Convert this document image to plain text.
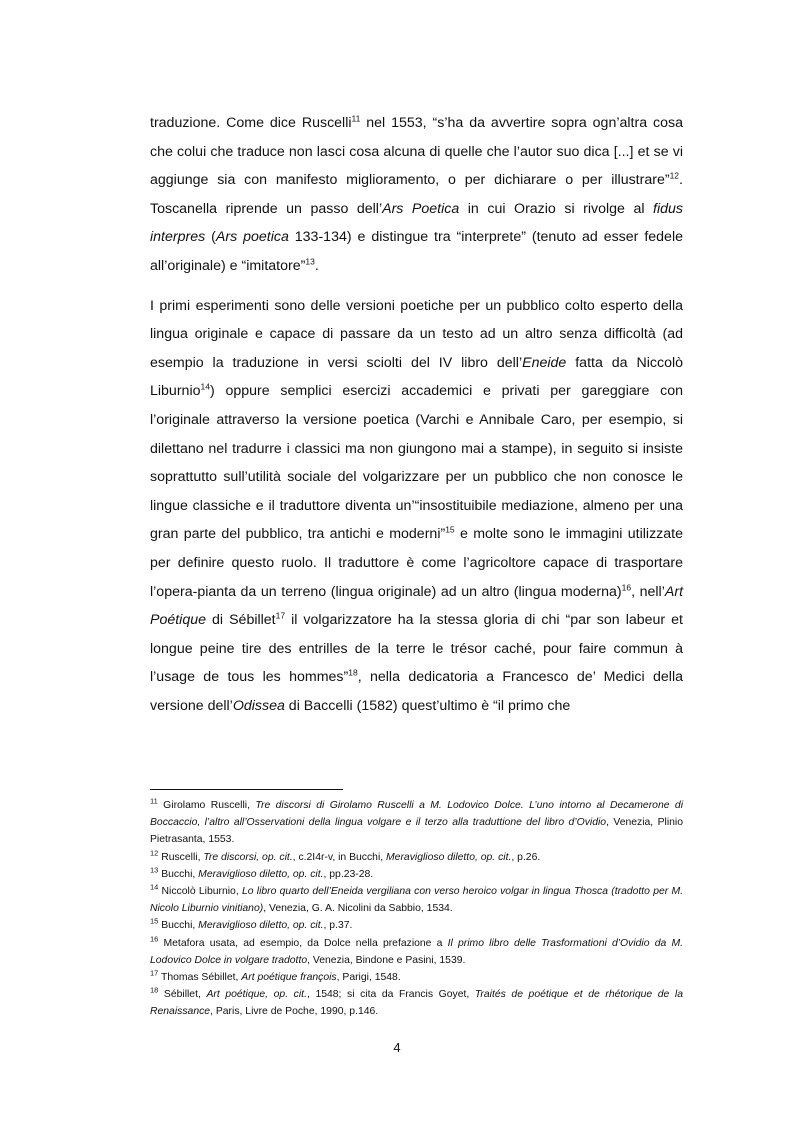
traduzione. Come dice Ruscelli$^{11}$ nel 1553, “s’ha da avvertire sopra ogn’altra cosa che colui che traduce non lasci cosa alcuna di quelle che l’autor suo dica [...] et se vi aggiunge sia con manifesto miglioramento, o per dichiarare o per illustrare”$^{12}$. Toscanella riprende un passo dell’Ars Poetica in cui Orazio si rivolge al fidus interpres (Ars poetica 133-134) e distingue tra “interprete” (tenuto ad esser fedele all’originale) e “imitatore”$^{13}$.

I primi esperimenti sono delle versioni poetiche per un pubblico colto esperto della lingua originale e capace di passare da un testo ad un altro senza difficoltà (ad esempio la traduzione in versi sciolti del IV libro dell’Eneide fatta da Niccolò Liburnio$^{14}$) oppure semplici esercizi accademici e privati per gareggiare con l’originale attraverso la versione poetica (Varchi e Annibale Caro, per esempio, si dilettano nel tradurre i classici ma non giungono mai a stampe), in seguito si insiste soprattutto sull’utilità sociale del volgarizzare per un pubblico che non conosce le lingue classiche e il traduttore diventa un’“insostituibile mediazione, almeno per una gran parte del pubblico, tra antichi e moderni”$^{15}$ e molte sono le immagini utilizzate per definire questo ruolo. Il traduttore è come l’agricoltore capace di trasportare l’opera-pianta da un terreno (lingua originale) ad un altro (lingua moderna)$^{16}$, nell’Art Poétique di Sébillet$^{17}$ il volgarizzatore ha la stessa gloria di chi “par son labeur et longue peine tire des entrilles de la terre le trésor caché, pour faire commun à l’usage de tous les hommes”$^{18}$, nella dedicatoria a Francesco de’ Medici della versione dell’Odissea di Baccelli (1582) quest’ultimo è “il primo che

$^{11}$ Girolamo Ruscelli, Tre discorsi di Girolamo Ruscelli a M. Lodovico Dolce. L’uno intorno al Decamerone di Boccaccio, l’altro all’Osservationi della lingua volgare e il terzo alla traduttione del libro d’Ovidio, Venezia, Plinio Pietrasanta, 1553.

$^{12}$ Ruscelli, Tre discorsi, op. cit., c.2I4r-v, in Bucchi, Meraviglioso diletto, op. cit., p.26.

$^{13}$ Bucchi, Meraviglioso diletto, op. cit., pp.23-28.

$^{14}$ Niccolò Liburnio, Lo libro quarto dell’Eneida vergiliana con verso heroico volgar in lingua Thosca (tradotto per M. Nicolo Liburnio vinitiano), Venezia, G. A. Nicolini da Sabbio, 1534.

$^{15}$ Bucchi, Meraviglioso diletto, op. cit., p.37.

$^{16}$ Metafora usata, ad esempio, da Dolce nella prefazione a Il primo libro delle Trasformationi d’Ovidio da M. Lodovico Dolce in volgare tradotto, Venezia, Bindone e Pasini, 1539.

$^{17}$ Thomas Sébillet, Art poétique françois, Parigi, 1548.

$^{18}$ Sébillet, Art poétique, op. cit., 1548; si cita da Francis Goyet, Traités de poétique et de rhétorique de la Renaissance, Paris, Livre de Poche, 1990, p.146.

4
